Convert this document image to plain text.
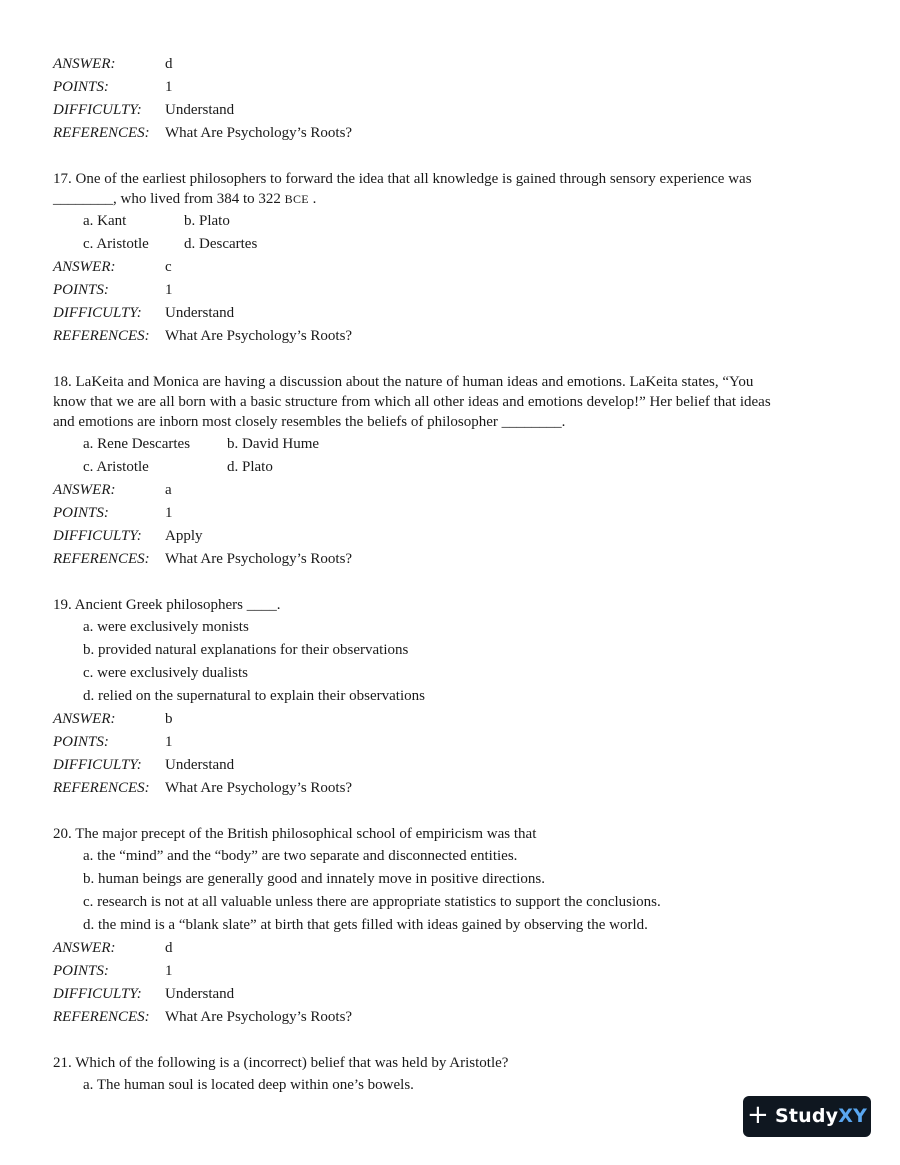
ANSWER:	d
POINTS:	1
DIFFICULTY:	Understand
REFERENCES:	What Are Psychology’s Roots?
17. One of the earliest philosophers to forward the idea that all knowledge is gained through sensory experience was
________, who lived from 384 to 322 BCE .
a. Kant	b. Plato
c. Aristotle	d. Descartes
ANSWER:	c
POINTS:	1
DIFFICULTY:	Understand
REFERENCES:	What Are Psychology’s Roots?
18. LaKeita and Monica are having a discussion about the nature of human ideas and emotions. LaKeita states, “You
know that we are all born with a basic structure from which all other ideas and emotions develop!” Her belief that ideas
and emotions are inborn most closely resembles the beliefs of philosopher ________.
a. Rene Descartes	b. David Hume
c. Aristotle	d. Plato
ANSWER:	a
POINTS:	1
DIFFICULTY:	Apply
REFERENCES:	What Are Psychology’s Roots?
19. Ancient Greek philosophers ____.
a. were exclusively monists
b. provided natural explanations for their observations
c. were exclusively dualists
d. relied on the supernatural to explain their observations
ANSWER:	b
POINTS:	1
DIFFICULTY:	Understand
REFERENCES:	What Are Psychology’s Roots?
20. The major precept of the British philosophical school of empiricism was that
a. the “mind” and the “body” are two separate and disconnected entities.
b. human beings are generally good and innately move in positive directions.
c. research is not at all valuable unless there are appropriate statistics to support the conclusions.
d. the mind is a “blank slate” at birth that gets filled with ideas gained by observing the world.
ANSWER:	d
POINTS:	1
DIFFICULTY:	Understand
REFERENCES:	What Are Psychology’s Roots?
21. Which of the following is a (incorrect) belief that was held by Aristotle?
a. The human soul is located deep within one’s bowels.
+ Study XY
